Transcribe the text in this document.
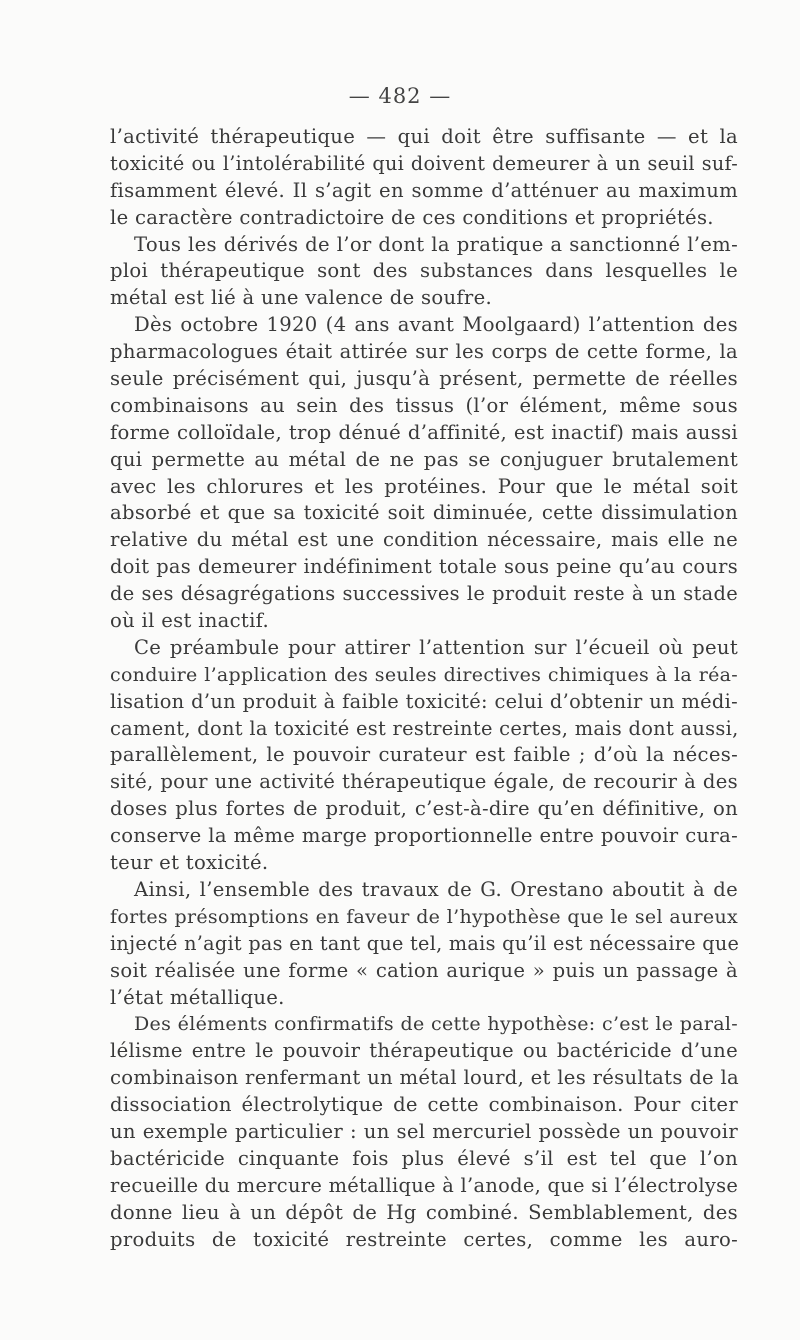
— 482 —
l’activité thérapeutique — qui doit être suffisante — et la
toxicité ou l’intolérabilité qui doivent demeurer à un seuil suf-
fisamment élevé. Il s’agit en somme d’atténuer au maximum
le caractère contradictoire de ces conditions et propriétés.
Tous les dérivés de l’or dont la pratique a sanctionné l’em-
ploi thérapeutique sont des substances dans lesquelles le
métal est lié à une valence de soufre.
Dès octobre 1920 (4 ans avant Moolgaard) l’attention des
pharmacologues était attirée sur les corps de cette forme, la
seule précisément qui, jusqu’à présent, permette de réelles
combinaisons au sein des tissus (l’or élément, même sous
forme colloïdale, trop dénué d’affinité, est inactif) mais aussi
qui permette au métal de ne pas se conjuguer brutalement
avec les chlorures et les protéines. Pour que le métal soit
absorbé et que sa toxicité soit diminuée, cette dissimulation
relative du métal est une condition nécessaire, mais elle ne
doit pas demeurer indéfiniment totale sous peine qu’au cours
de ses désagrégations successives le produit reste à un stade
où il est inactif.
Ce préambule pour attirer l’attention sur l’écueil où peut
conduire l’application des seules directives chimiques à la réa-
lisation d’un produit à faible toxicité: celui d’obtenir un médi-
cament, dont la toxicité est restreinte certes, mais dont aussi,
parallèlement, le pouvoir curateur est faible ; d’où la néces-
sité, pour une activité thérapeutique égale, de recourir à des
doses plus fortes de produit, c’est-à-dire qu’en définitive, on
conserve la même marge proportionnelle entre pouvoir cura-
teur et toxicité.
Ainsi, l’ensemble des travaux de G. Orestano aboutit à de
fortes présomptions en faveur de l’hypothèse que le sel aureux
injecté n’agit pas en tant que tel, mais qu’il est nécessaire que
soit réalisée une forme « cation aurique » puis un passage à
l’état métallique.
Des éléments confirmatifs de cette hypothèse: c’est le paral-
lélisme entre le pouvoir thérapeutique ou bactéricide d’une
combinaison renfermant un métal lourd, et les résultats de la
dissociation électrolytique de cette combinaison. Pour citer
un exemple particulier : un sel mercuriel possède un pouvoir
bactéricide cinquante fois plus élevé s’il est tel que l’on
recueille du mercure métallique à l’anode, que si l’électrolyse
donne lieu à un dépôt de Hg combiné. Semblablement, des
produits de toxicité restreinte certes, comme les auro-
